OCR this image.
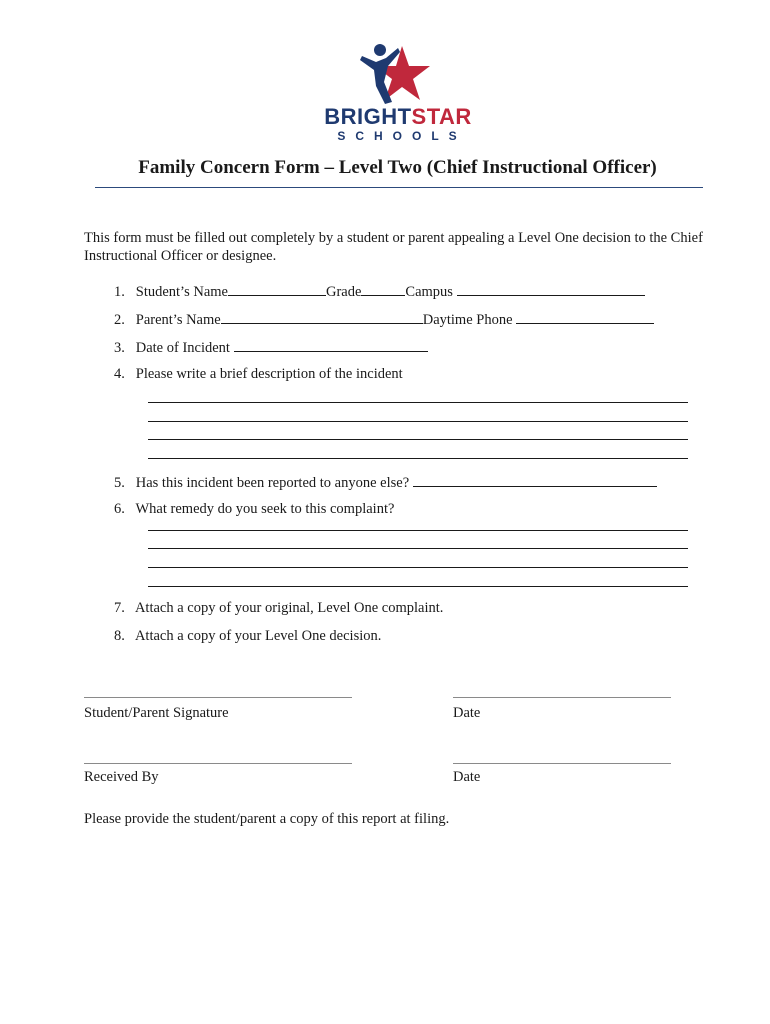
BRIGHTSTAR
SCHOOLS
Family Concern Form – Level Two (Chief Instructional Officer)
This form must be filled out completely by a student or parent appealing a Level One decision to the Chief Instructional Officer or designee.
1. Student’s Name	Grade	Campus
2. Parent’s Name	Daytime Phone
3. Date of Incident
4. Please write a brief description of the incident
5. Has this incident been reported to anyone else?
6. What remedy do you seek to this complaint?
7. Attach a copy of your original, Level One complaint.
8. Attach a copy of your Level One decision.
Student/Parent Signature	Date
Received By	Date
Please provide the student/parent a copy of this report at filing.
